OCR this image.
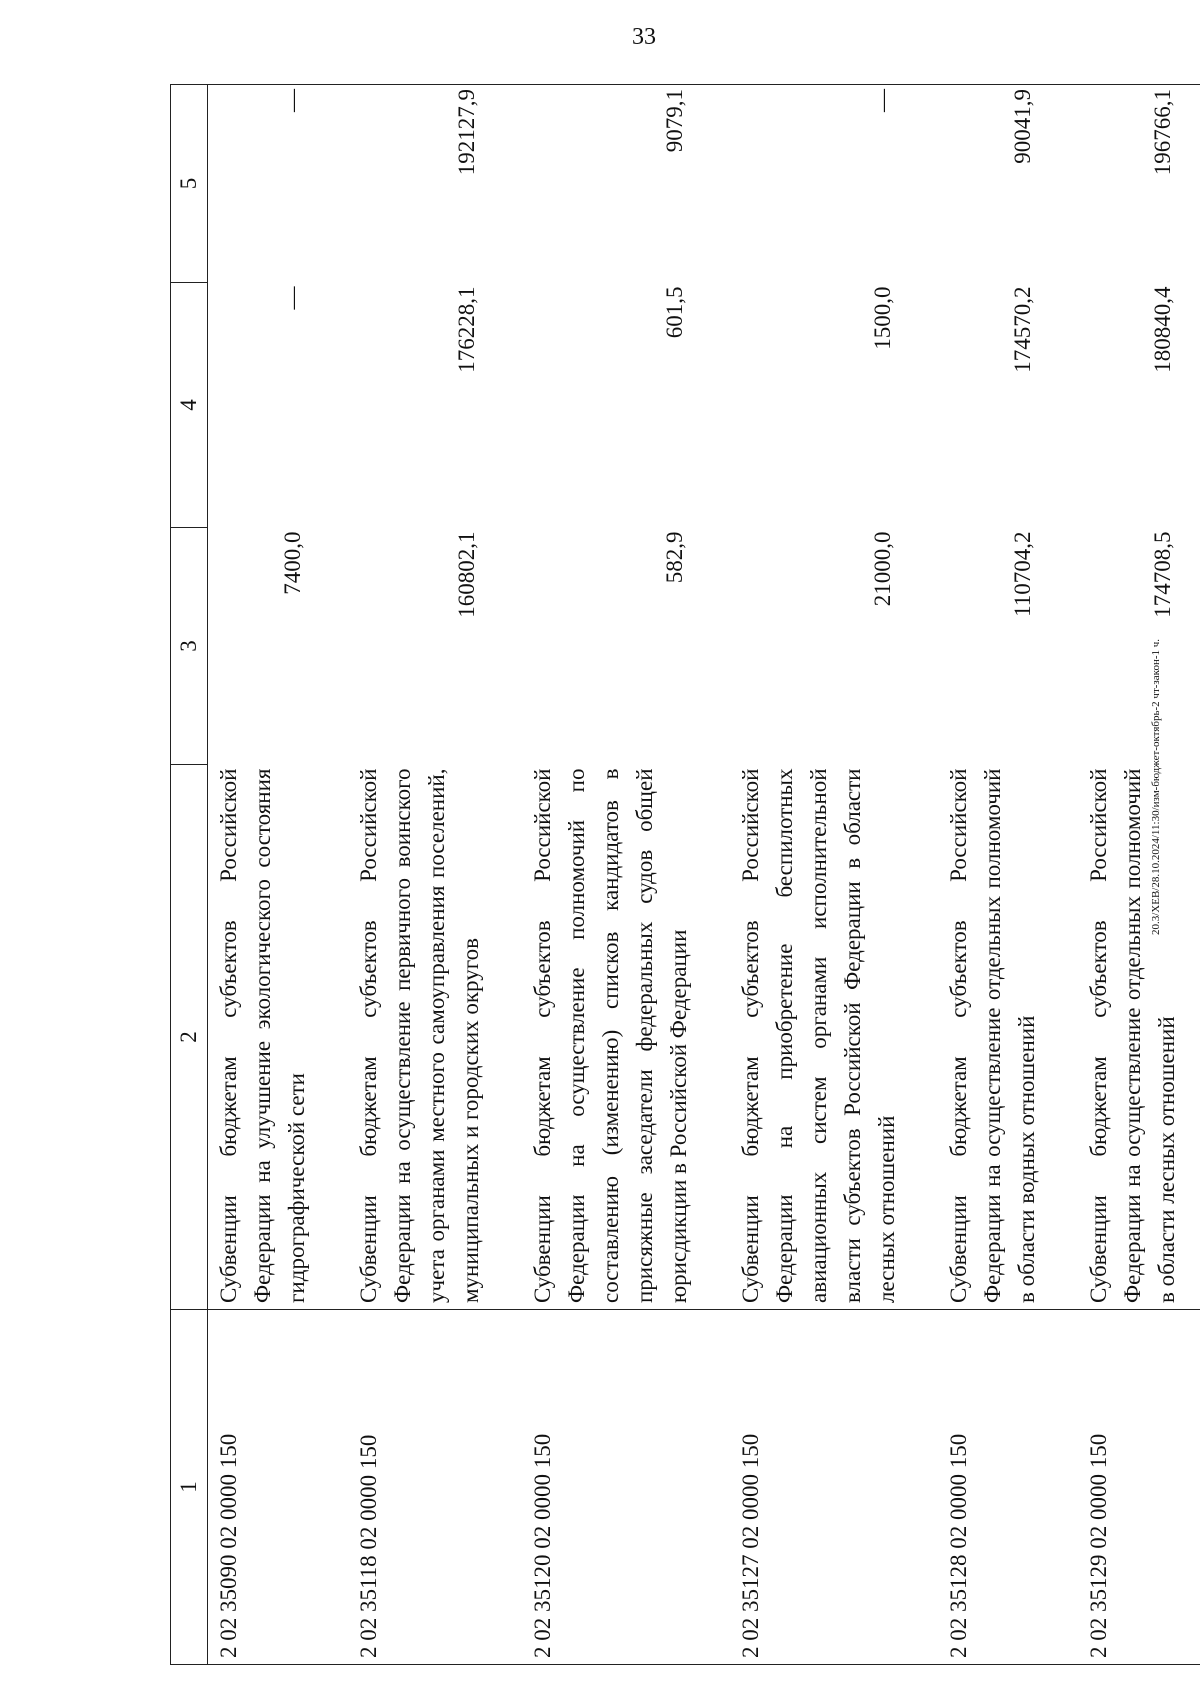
33
1	2	3	4	5
2 02 35090 02 0000 150	Субвенции бюджетам субъектов Российской Федерации на улучшение экологического состояния гидрографической сети	7400,0	—	—
2 02 35118 02 0000 150	Субвенции бюджетам субъектов Российской Федерации на осуществление первичного воинского учета органами местного самоуправления поселений, муниципальных и городских округов	160802,1	176228,1	192127,9
2 02 35120 02 0000 150	Субвенции бюджетам субъектов Российской Федерации на осуществление полномочий по составлению (изменению) списков кандидатов в присяжные заседатели федеральных судов общей юрисдикции в Российской Федерации	582,9	601,5	9079,1
2 02 35127 02 0000 150	Субвенции бюджетам субъектов Российской Федерации на приобретение беспилотных авиационных систем органами исполнительной власти субъектов Российской Федерации в области лесных отношений	21000,0	1500,0	—
2 02 35128 02 0000 150	Субвенции бюджетам субъектов Российской Федерации на осуществление отдельных полномочий в области водных отношений	110704,2	174570,2	90041,9
2 02 35129 02 0000 150	Субвенции бюджетам субъектов Российской Федерации на осуществление отдельных полномочий в области лесных отношений	174708,5	180840,4	196766,1
20.3/ХЕВ/28.10.2024/11:30/изм-бюджет-октябрь-2 чт-закон-1 ч.
